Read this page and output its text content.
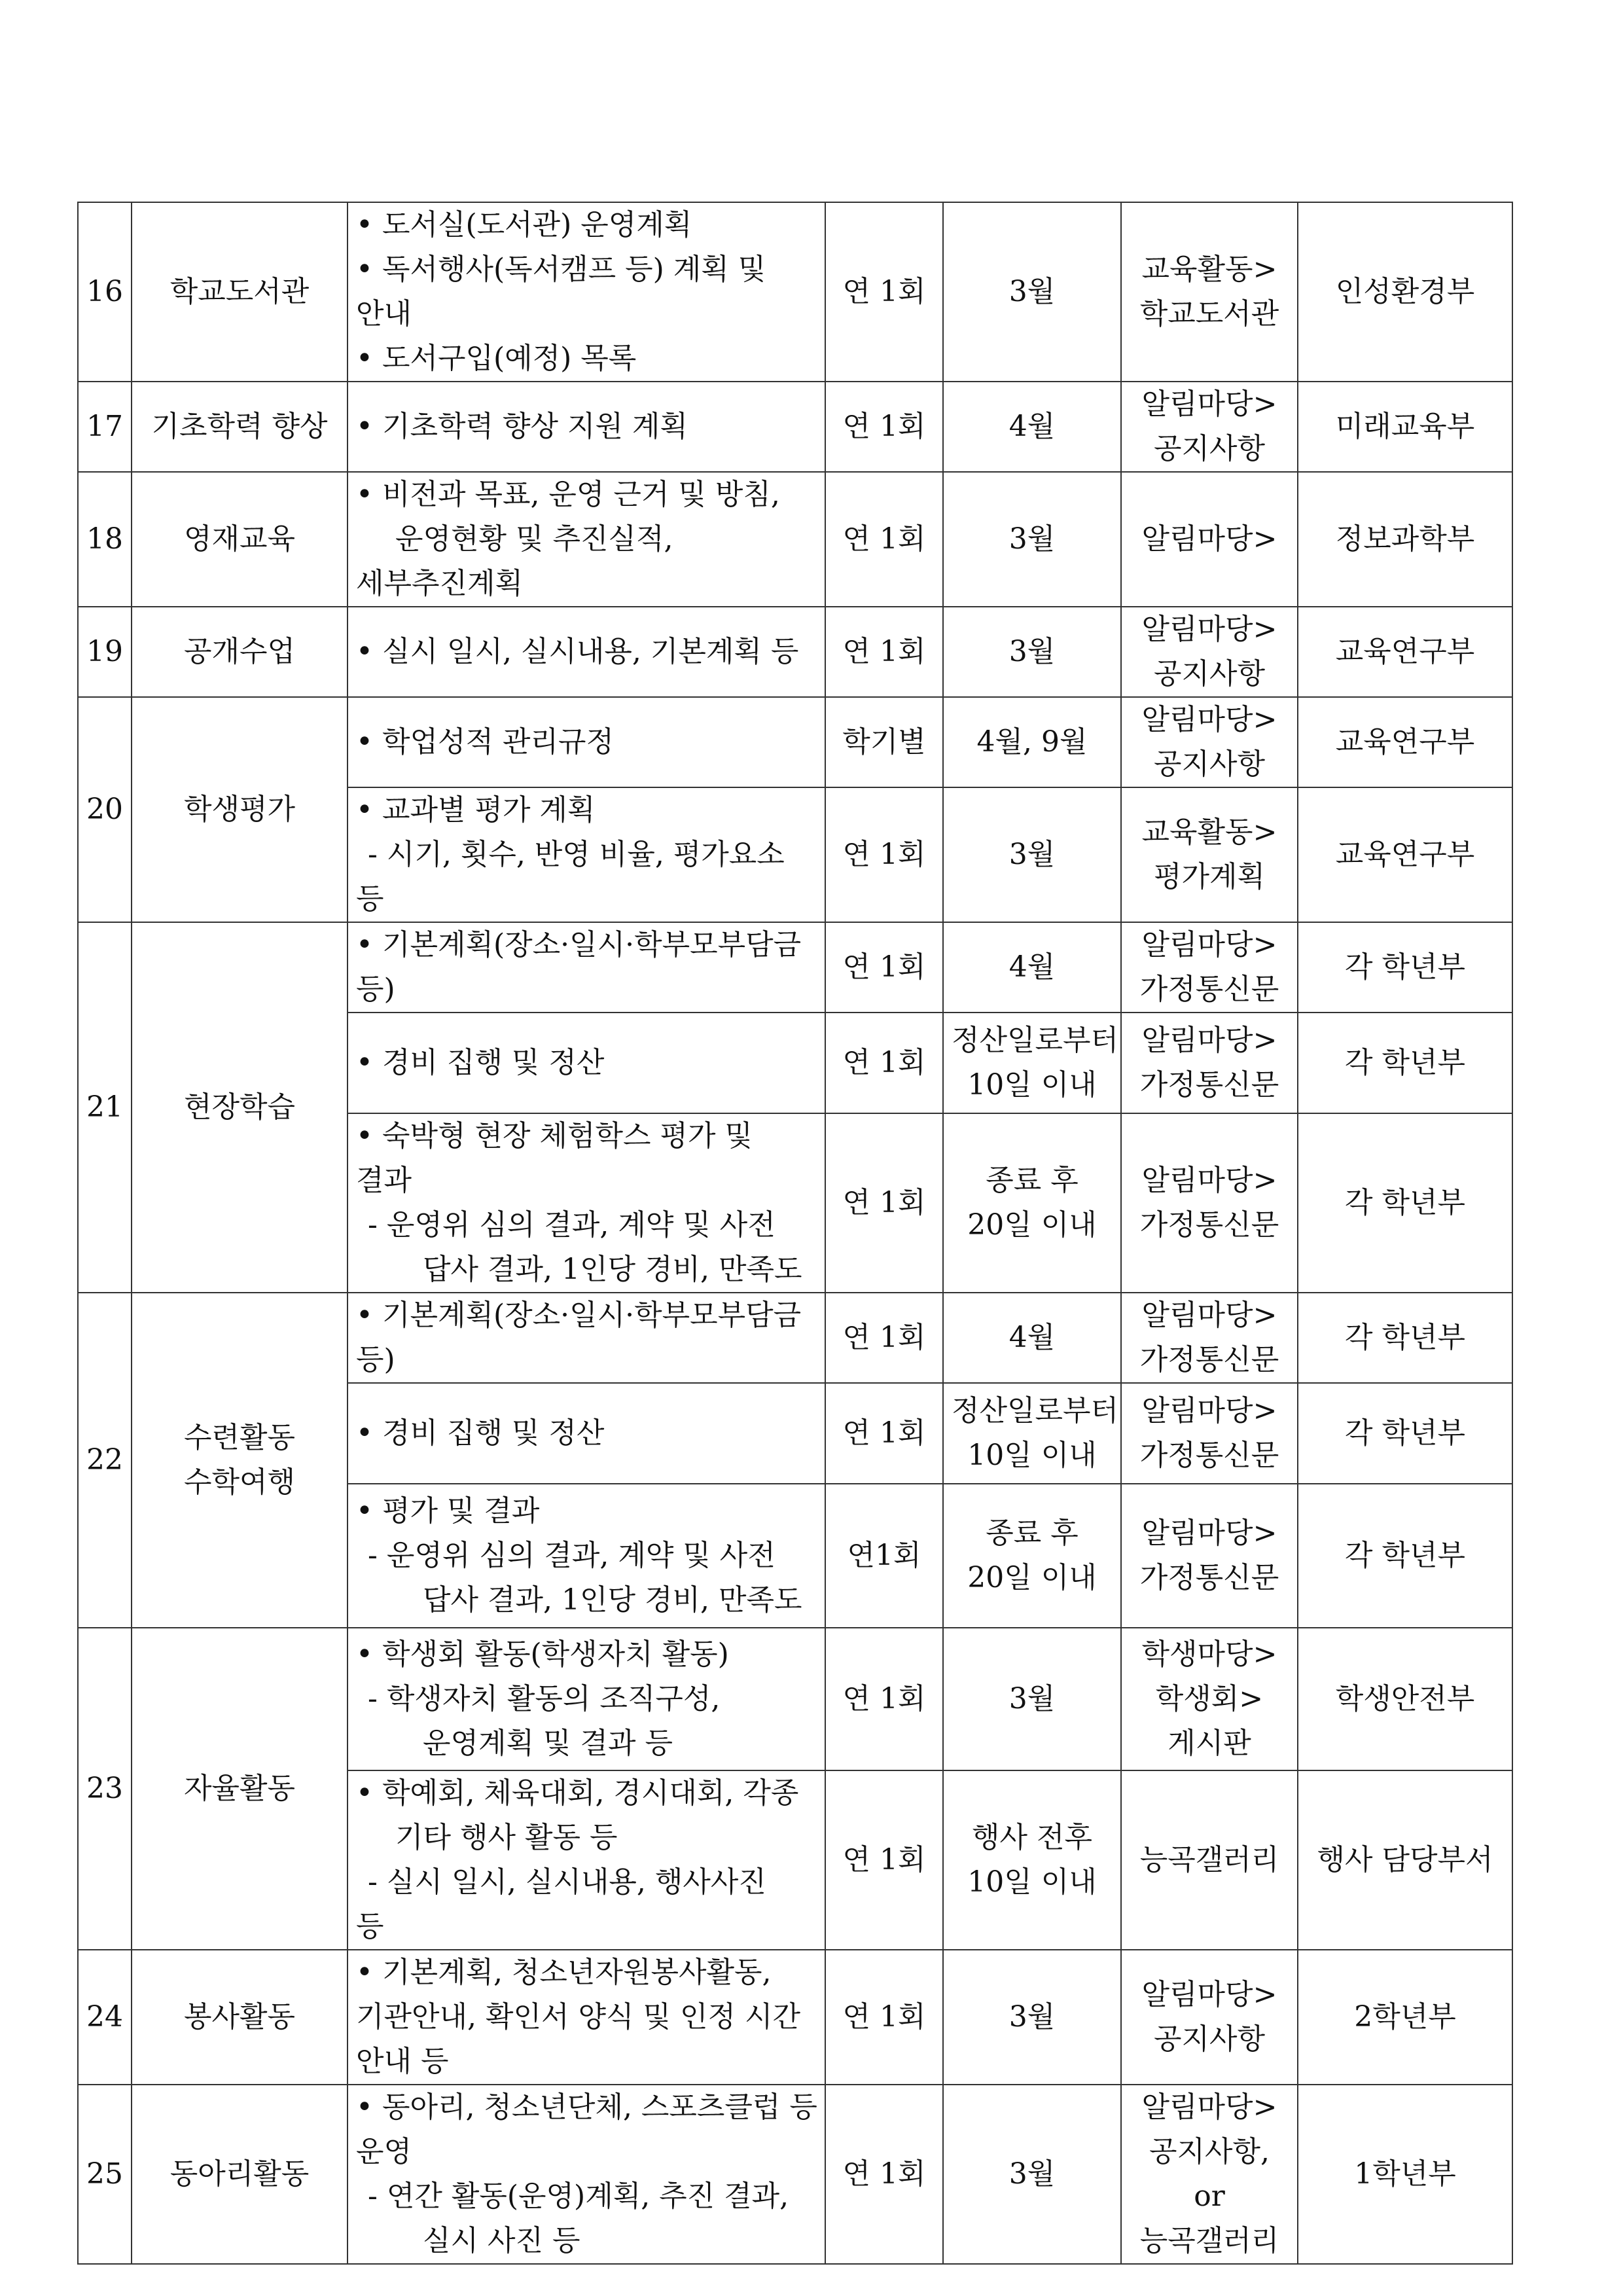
16	학교도서관	• 도서실(도서관) 운영계획
• 독서행사(독서캠프 등) 계획 및
안내
• 도서구입(예정) 목록	연 1회	3월	교육활동>
학교도서관	인성환경부
17	기초학력 향상	• 기초학력 향상 지원 계획	연 1회	4월	알림마당>
공지사항	미래교육부
18	영재교육	• 비전과 목표, 운영 근거 및 방침,
운영현황 및 추진실적,
세부추진계획	연 1회	3월	알림마당>	정보과학부
19	공개수업	• 실시 일시, 실시내용, 기본계획 등	연 1회	3월	알림마당>
공지사항	교육연구부
20	학생평가	• 학업성적 관리규정	학기별	4월, 9월	알림마당>
공지사항	교육연구부

		• 교과별 평가 계획
- 시기, 횟수, 반영 비율, 평가요소
등	연 1회	3월	교육활동>
평가계획	교육연구부
21	현장학습	• 기본계획(장소·일시·학부모부담금
등)	연 1회	4월	알림마당>
가정통신문	각 학년부

		• 경비 집행 및 정산	연 1회	정산일로부터
10일 이내	알림마당>
가정통신문	각 학년부

		• 숙박형 현장 체험학스 평가 및
결과
- 운영위 심의 결과, 계약 및 사전
답사 결과, 1인당 경비, 만족도	연 1회	종료 후
20일 이내	알림마당>
가정통신문	각 학년부
22	수련활동
수학여행	• 기본계획(장소·일시·학부모부담금
등)	연 1회	4월	알림마당>
가정통신문	각 학년부

		• 경비 집행 및 정산	연 1회	정산일로부터
10일 이내	알림마당>
가정통신문	각 학년부

		• 평가 및 결과
- 운영위 심의 결과, 계약 및 사전
답사 결과, 1인당 경비, 만족도	연1회	종료 후
20일 이내	알림마당>
가정통신문	각 학년부
23	자율활동	• 학생회 활동(학생자치 활동)
- 학생자치 활동의 조직구성,
운영계획 및 결과 등	연 1회	3월	학생마당>
학생회>
게시판	학생안전부

		• 학예회, 체육대회, 경시대회, 각종
기타 행사 활동 등
- 실시 일시, 실시내용, 행사사진
등	연 1회	행사 전후
10일 이내	능곡갤러리	행사 담당부서
24	봉사활동	• 기본계획, 청소년자원봉사활동,
기관안내, 확인서 양식 및 인정 시간
안내 등	연 1회	3월	알림마당>
공지사항	2학년부
25	동아리활동	• 동아리, 청소년단체, 스포츠클럽 등
운영
- 연간 활동(운영)계획, 추진 결과,
실시 사진 등	연 1회	3월	알림마당>
공지사항,
or
능곡갤러리	1학년부
